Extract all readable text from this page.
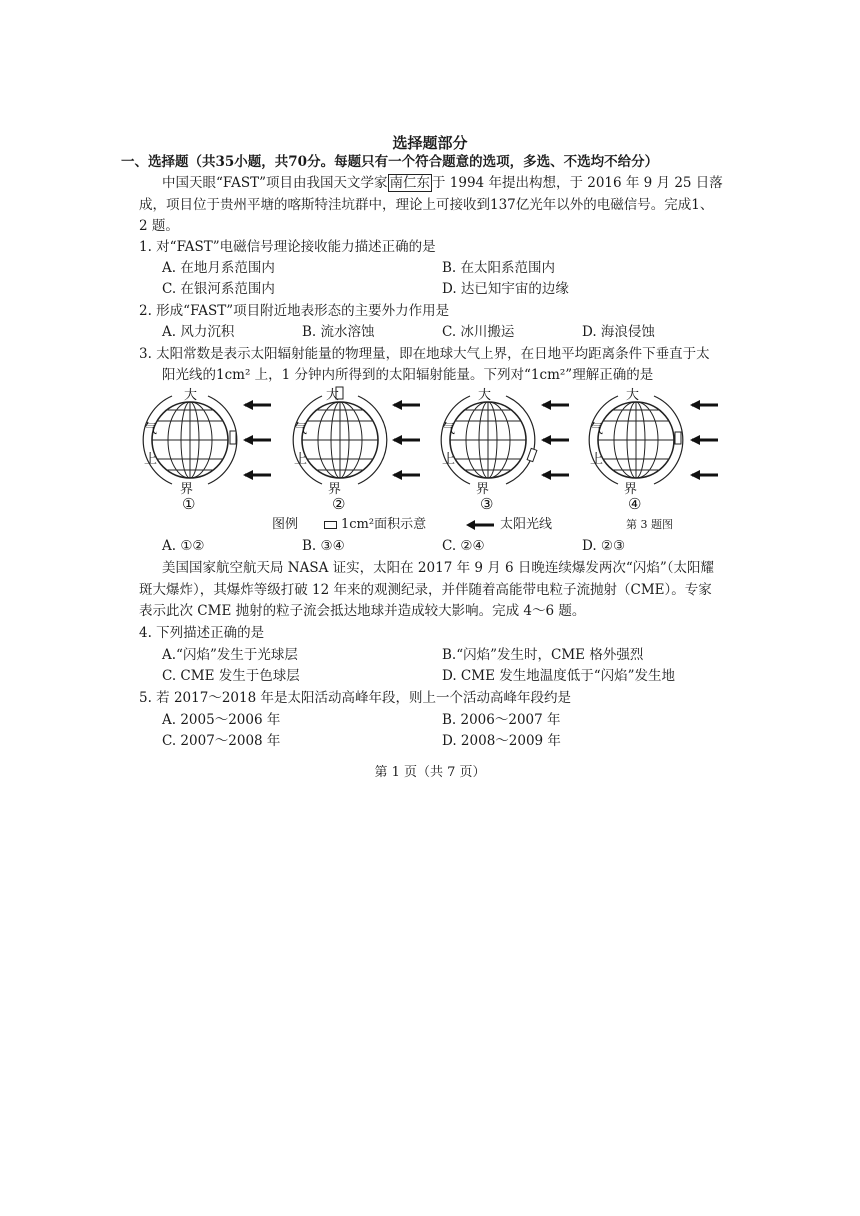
选择题部分
一、选择题（共35小题，共70分。每题只有一个符合题意的选项，多选、不选均不给分）
中国天眼“FAST”项目由我国天文学家 南仁东 于 1994 年提出构想，于 2016 年 9 月 25 日落
成，项目位于贵州平塘的喀斯特洼坑群中，理论上可接收到137亿光年以外的电磁信号。完成1、
2 题。
1. 对“FAST”电磁信号理论接收能力描述正确的是
A. 在地月系范围内	B. 在太阳系范围内
C. 在银河系范围内	D. 达已知宇宙的边缘
2. 形成“FAST”项目附近地表形态的主要外力作用是
A. 风力沉积	B. 流水溶蚀	C. 冰川搬运	D. 海浪侵蚀
3. 太阳常数是表示太阳辐射能量的物理量，即在地球大气上界，在日地平均距离条件下垂直于太
阳光线的1cm² 上，1 分钟内所得到的太阳辐射能量。下列对“1cm²”理解正确的是
大
气
上
界
大
气
上
界
大
气
上
界
大
气
上
界
①	②	③	④
图例	1cm²面积示意	太阳光线	第 3 题图
A. ①②	B. ③④	C. ②④	D. ②③
美国国家航空航天局 NASA 证实，太阳在 2017 年 9 月 6 日晚连续爆发两次“闪焰”（太阳耀
斑大爆炸），其爆炸等级打破 12 年来的观测纪录，并伴随着高能带电粒子流抛射（CME）。专家
表示此次 CME 抛射的粒子流会抵达地球并造成较大影响。完成 4～6 题。
4. 下列描述正确的是
A.“闪焰”发生于光球层	B.“闪焰”发生时，CME 格外强烈
C. CME 发生于色球层	D. CME 发生地温度低于“闪焰”发生地
5. 若 2017～2018 年是太阳活动高峰年段，则上一个活动高峰年段约是
A. 2005～2006 年	B. 2006～2007 年
C. 2007～2008 年	D. 2008～2009 年
第 1 页（共 7 页）
